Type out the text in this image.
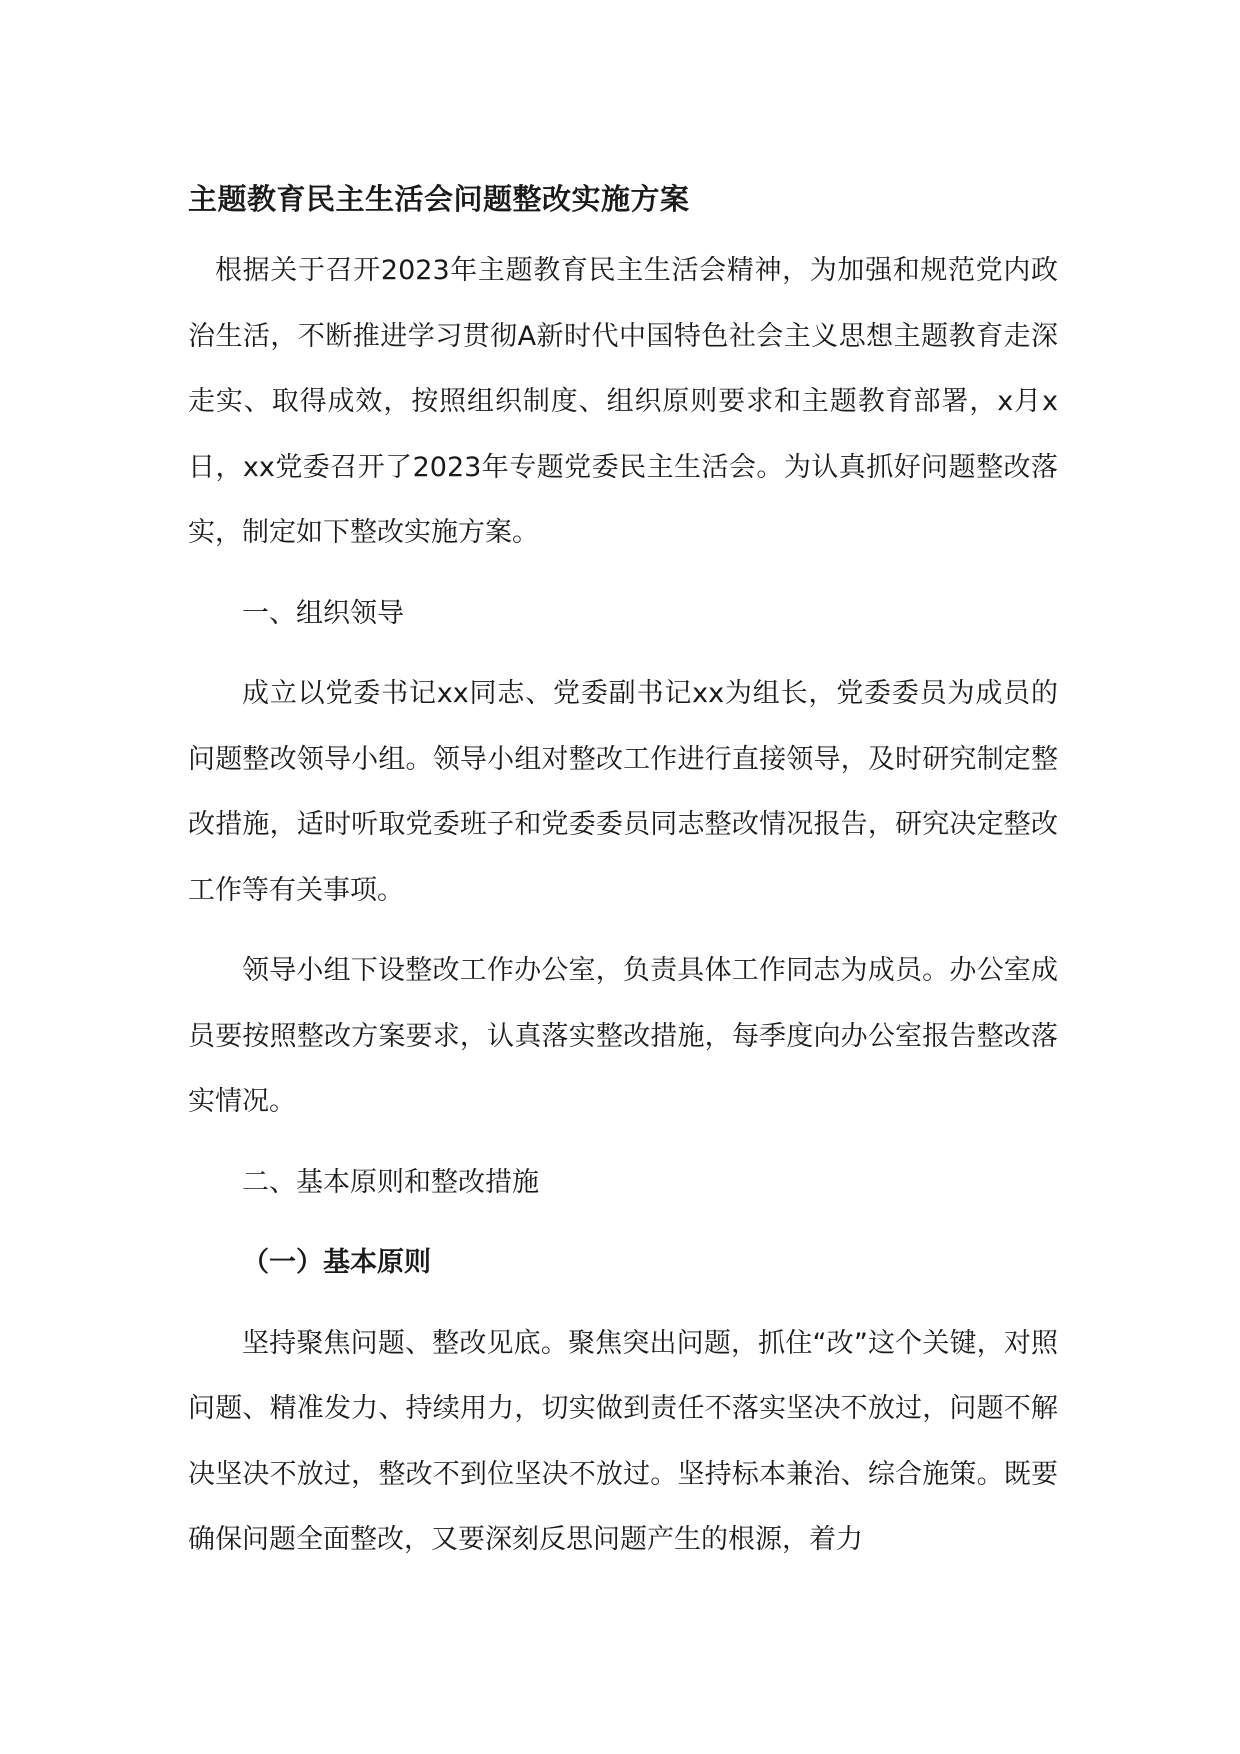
主题教育民主生活会问题整改实施方案

根据关于召开2023年主题教育民主生活会精神，为加强和规范党内政治生活，不断推进学习贯彻A新时代中国特色社会主义思想主题教育走深走实、取得成效，按照组织制度、组织原则要求和主题教育部署，x月x日，xx党委召开了2023年专题党委民主生活会。为认真抓好问题整改落实，制定如下整改实施方案。

一、组织领导

成立以党委书记xx同志、党委副书记xx为组长，党委委员为成员的问题整改领导小组。领导小组对整改工作进行直接领导，及时研究制定整改措施，适时听取党委班子和党委委员同志整改情况报告，研究决定整改工作等有关事项。

领导小组下设整改工作办公室，负责具体工作同志为成员。办公室成员要按照整改方案要求，认真落实整改措施，每季度向办公室报告整改落实情况。

二、基本原则和整改措施

（一）基本原则

坚持聚焦问题、整改见底。聚焦突出问题，抓住“改”这个关键，对照问题、精准发力、持续用力，切实做到责任不落实坚决不放过，问题不解决坚决不放过，整改不到位坚决不放过。坚持标本兼治、综合施策。既要确保问题全面整改，又要深刻反思问题产生的根源，着力
